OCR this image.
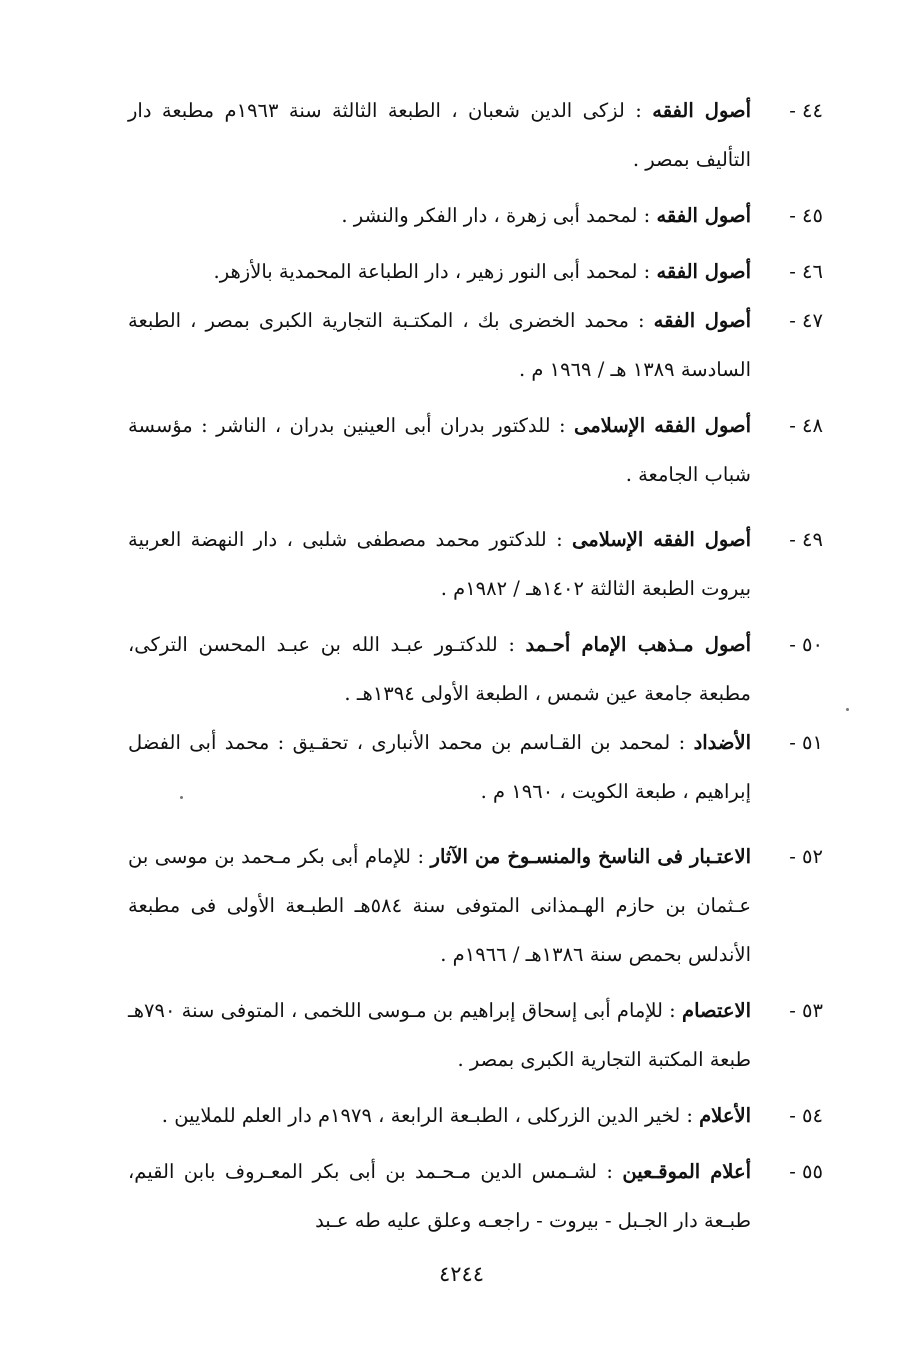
٤٤ -
أصول الفقه : لزكى الدين شعبان ، الطبعة الثالثة سنة ١٩٦٣م مطبعة دار التأليف بمصر .
٤٥ -
أصول الفقه : لمحمد أبى زهرة ، دار الفكر والنشر .
٤٦ -
أصول الفقه : لمحمد أبى النور زهير ، دار الطباعة المحمدية بالأزهر.
٤٧ -
أصول الفقه : محمد الخضرى بك ، المكتـبة التجارية الكبرى بمصر ، الطبعة السادسة ١٣٨٩ هـ / ١٩٦٩ م .
٤٨ -
أصول الفقه الإسلامى : للدكتور بدران أبى العينين بدران ، الناشر : مؤسسة شباب الجامعة .
٤٩ -
أصول الفقه الإسلامى : للدكتور محمد مصطفى شلبى ، دار النهضة العربية بيروت الطبعة الثالثة ١٤٠٢هـ / ١٩٨٢م .
٥٠ -
أصول مـذهب الإمام أحـمد : للدكتـور عبـد الله بن عبـد المحسن التركى، مطبعة جامعة عين شمس ، الطبعة الأولى ١٣٩٤هـ .
٥١ -
الأضداد : لمحمد بن القـاسم بن محمد الأنبارى ، تحقـيق : محمد أبى الفضل إبراهيم ، طبعة الكويت ، ١٩٦٠ م .
٥٢ -
الاعتـبار فى الناسخ والمنسـوخ من الآثار : للإمام أبى بكر مـحمد بن موسى بن عـثمان بن حازم الهـمذانى المتوفى سنة ٥٨٤هـ الطبـعة الأولى فى مطبعة الأندلس بحمص سنة ١٣٨٦هـ / ١٩٦٦م .
٥٣ -
الاعتصام : للإمام أبى إسحاق إبراهيم بن مـوسى اللخمى ، المتوفى سنة ٧٩٠هـ طبعة المكتبة التجارية الكبرى بمصر .
٥٤ -
الأعلام : لخير الدين الزركلى ، الطبـعة الرابعة ، ١٩٧٩م دار العلم للملايين .
٥٥ -
أعلام الموقـعين : لشـمس الدين مـحـمد بن أبى بكر المعـروف بابن القيم، طبـعة دار الجـبل - بيروت - راجعـه وعلق عليه طه عـبد
٤٢٤٤
